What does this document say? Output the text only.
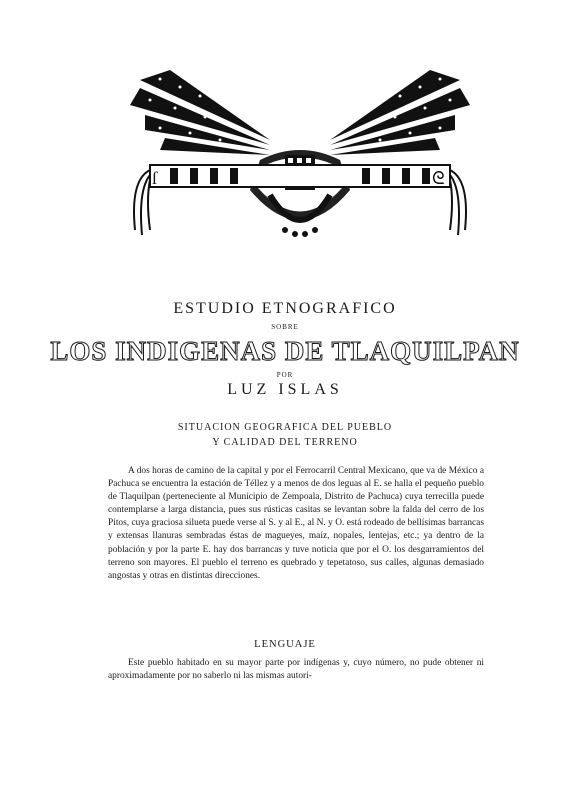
ſ	ᘓ
ESTUDIO ETNOGRAFICO
SOBRE
LOS INDIGENAS DE TLAQUILPAN
POR
LUZ ISLAS
SITUACION GEOGRAFICA DEL PUEBLO
Y CALIDAD DEL TERRENO
A dos horas de camino de la capital y por el Ferrocarril Central Mexicano, que va de México a Pachuca se encuentra la estación de Téllez y a menos de dos leguas al E. se halla el pequeño pueblo de Tlaquilpan (perteneciente al Municipio de Zempoala, Distrito de Pachuca) cuya terrecilla puede contemplarse a larga distancia, pues sus rústicas casitas se levantan sobre la falda del cerro de los Pitos, cuya graciosa silueta puede verse al S. y al E., al N. y O. está rodeado de bellísimas barrancas y extensas llanuras sembradas éstas de magueyes, maíz, nopales, lentejas, etc.; ya dentro de la población y por la parte E. hay dos barrancas y tuve noticia que por el O. los desgarramientos del terreno son mayores. El pueblo el terreno es quebrado y tepetatoso, sus calles, algunas demasiado angostas y otras en distintas direcciones.
LENGUAJE
Este pueblo habitado en su mayor parte por indígenas y, cuyo número, no pude obtener ni aproximadamente por no saberlo ni las mismas autori-
